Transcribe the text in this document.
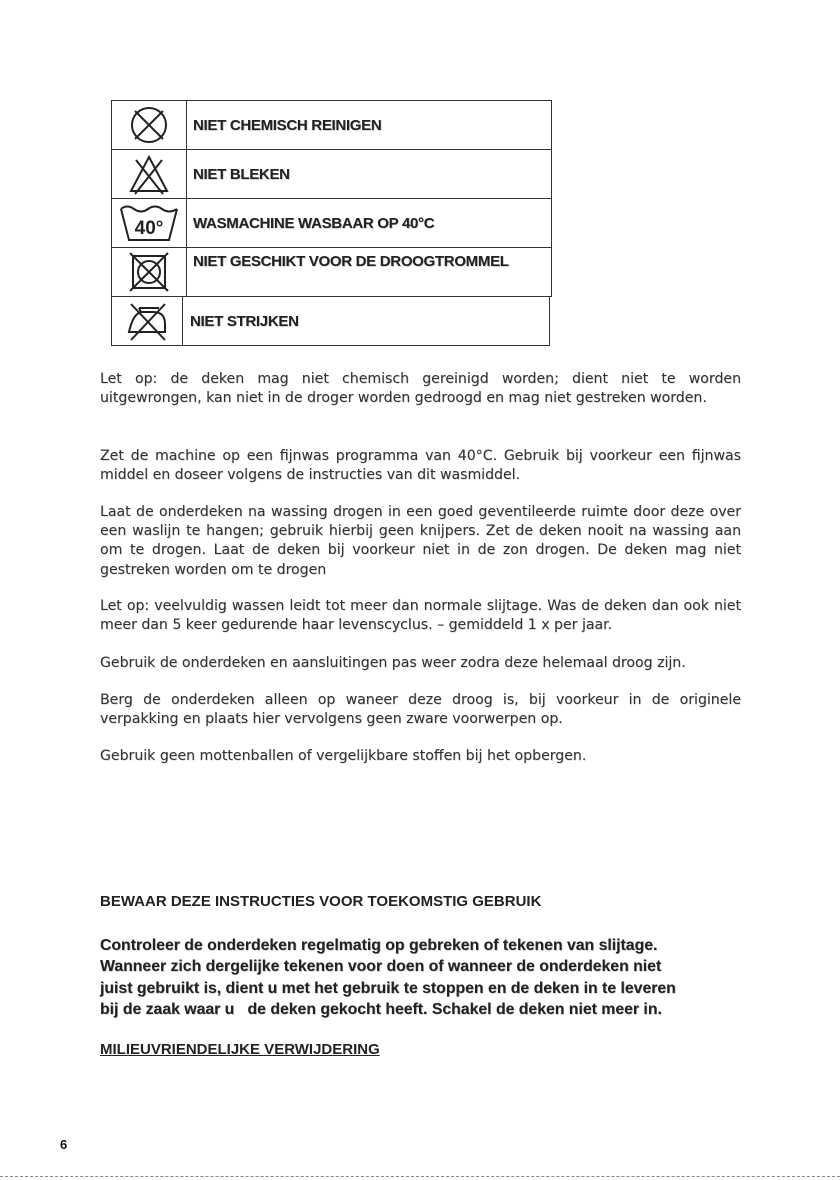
NIET CHEMISCH REINIGEN
NIET BLEKEN
40° WASMACHINE WASBAAR OP 40°C
NIET GESCHIKT VOOR DE DROOGTROMMEL
NIET STRIJKEN

Let op: de deken mag niet chemisch gereinigd worden; dient niet te worden uitgewrongen, kan niet in de droger worden gedroogd en mag niet gestreken worden.

Zet de machine op een fijnwas programma van 40°C. Gebruik bij voorkeur een fijnwas middel en doseer volgens de instructies van dit wasmiddel.

Laat de onderdeken na wassing drogen in een goed geventileerde ruimte door deze over een waslijn te hangen; gebruik hierbij geen knijpers. Zet de deken nooit na wassing aan om te drogen. Laat de deken bij voorkeur niet in de zon drogen. De deken mag niet gestreken worden om te drogen

Let op: veelvuldig wassen leidt tot meer dan normale slijtage. Was de deken dan ook niet meer dan 5 keer gedurende haar levenscyclus. – gemiddeld 1 x per jaar.

Gebruik de onderdeken en aansluitingen pas weer zodra deze helemaal droog zijn.

Berg de onderdeken alleen op waneer deze droog is, bij voorkeur in de originele verpakking en plaats hier vervolgens geen zware voorwerpen op.

Gebruik geen mottenballen of vergelijkbare stoffen bij het opbergen.

BEWAAR DEZE INSTRUCTIES VOOR TOEKOMSTIG GEBRUIK

Controleer de onderdeken regelmatig op gebreken of tekenen van slijtage.
Wanneer zich dergelijke tekenen voor doen of wanneer de onderdeken niet
juist gebruikt is, dient u met het gebruik te stoppen en de deken in te leveren
bij de zaak waar u   de deken gekocht heeft. Schakel de deken niet meer in.

MILIEUVRIENDELIJKE VERWIJDERING

6
